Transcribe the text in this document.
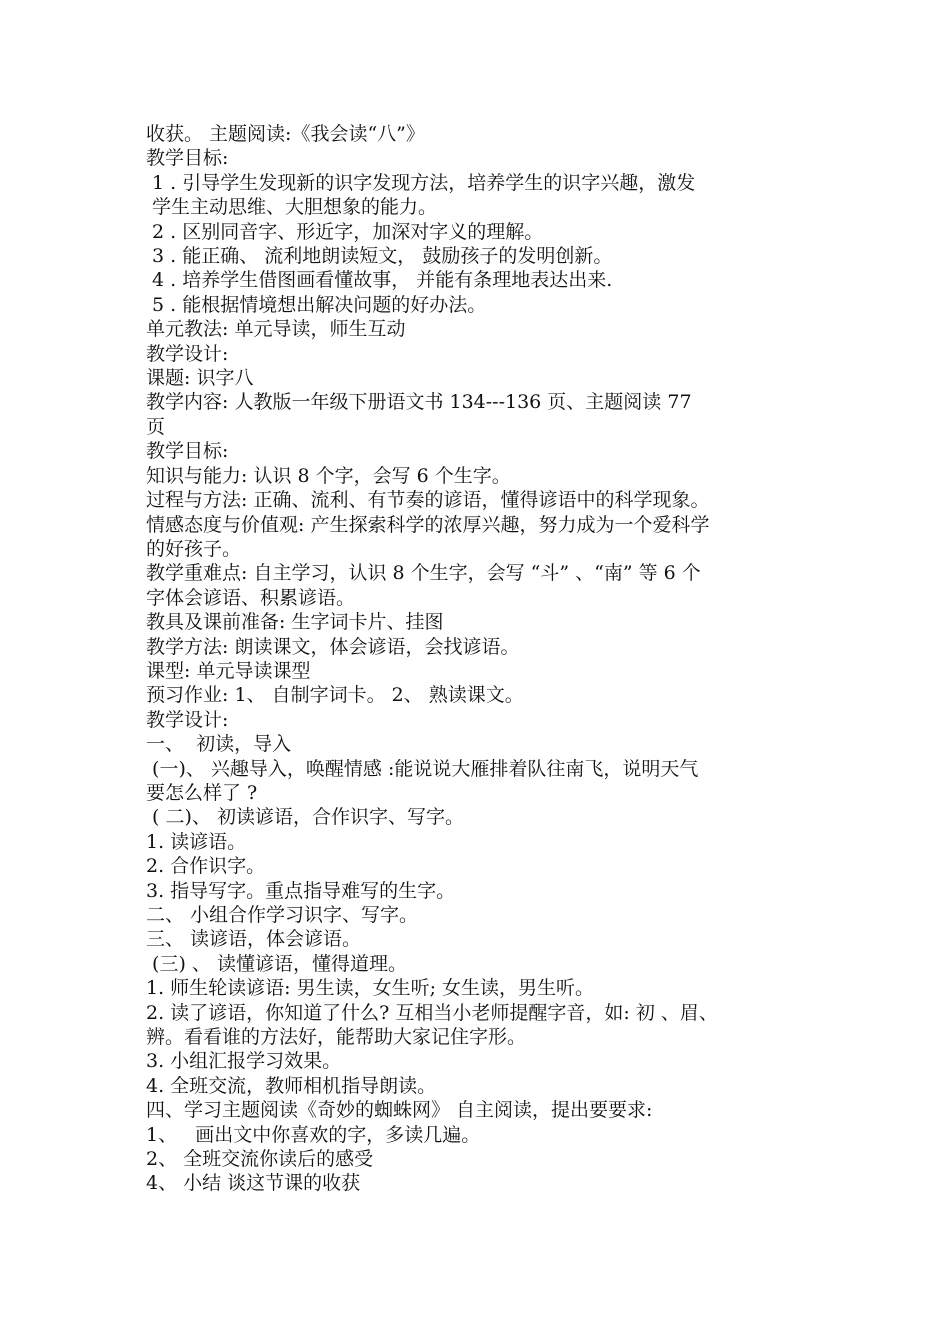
收获。 主题阅读:《我会读“八”》

教学目标:

1 . 引导学生发现新的识字发现方法，培养学生的识字兴趣，激发

学生主动思维、大胆想象的能力。

2 . 区别同音字、形近字，加深对字义的理解。

3 . 能正确、 流利地朗读短文， 鼓励孩子的发明创新。

4 . 培养学生借图画看懂故事， 并能有条理地表达出来.

5 . 能根据情境想出解决问题的好办法。

单元教法: 单元导读，师生互动

教学设计:

课题: 识字八

教学内容: 人教版一年级下册语文书 134---136 页、主题阅读 77

页

教学目标:

知识与能力: 认识 8 个字，会写 6 个生字。

过程与方法: 正确、流利、有节奏的谚语，懂得谚语中的科学现象。

情感态度与价值观: 产生探索科学的浓厚兴趣，努力成为一个爱科学

的好孩子。

教学重难点: 自主学习，认识 8 个生字，会写 “斗” 、“南” 等 6 个

字体会谚语、积累谚语。

教具及课前准备: 生字词卡片、挂图

教学方法: 朗读课文，体会谚语，会找谚语。

课型: 单元导读课型

预习作业: 1、 自制字词卡。 2、 熟读课文。

教学设计:

一、  初读，导入

(一)、 兴趣导入，唤醒情感 :能说说大雁排着队往南飞，说明天气

要怎么样了 ?

( 二)、 初读谚语，合作识字、写字。

1. 读谚语。

2. 合作识字。

3. 指导写字。重点指导难写的生字。

二、 小组合作学习识字、写字。

三、 读谚语，体会谚语。

(三) 、 读懂谚语，懂得道理。

1. 师生轮读谚语: 男生读，女生听; 女生读，男生听。

2. 读了谚语，你知道了什么? 互相当小老师提醒字音，如: 初 、眉、

辨。看看谁的方法好，能帮助大家记住字形。

3. 小组汇报学习效果。

4. 全班交流，教师相机指导朗读。

四、学习主题阅读《奇妙的蜘蛛网》 自主阅读，提出要要求:

1、   画出文中你喜欢的字，多读几遍。

2、 全班交流你读后的感受

4、 小结 谈这节课的收获
